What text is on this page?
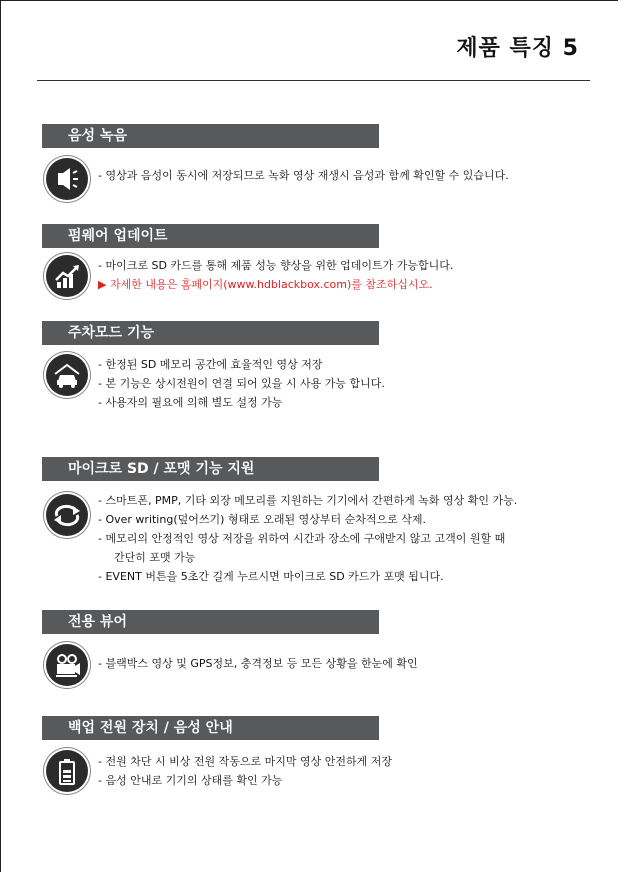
제품 특징 5
음성 녹음
- 영상과 음성이 동시에 저장되므로 녹화 영상 재생시 음성과 함께 확인할 수 있습니다.
펌웨어 업데이트
- 마이크로 SD 카드를 통해 제품 성능 향상을 위한 업데이트가 가능합니다.
▶ 자세한 내용은 홈페이지(www.hdblackbox.com)를 참조하십시오.
주차모드 기능
- 한정된 SD 메모리 공간에 효율적인 영상 저장
- 본 기능은 상시전원이 연결 되어 있을 시 사용 가능 합니다.
- 사용자의 필요에 의해 별도 설정 가능
마이크로 SD / 포맷 기능 지원
- 스마트폰, PMP, 기타 외장 메모리를 지원하는 기기에서 간편하게 녹화 영상 확인 가능.
- Over writing(덮어쓰기) 형태로 오래된 영상부터 순차적으로 삭제.
- 메모리의 안정적인 영상 저장을 위하여 시간과 장소에 구애받지 않고 고객이 원할 때
간단히 포맷 가능
- EVENT 버튼을 5초간 길게 누르시면 마이크로 SD 카드가 포맷 됩니다.
전용 뷰어
- 블랙박스 영상 및 GPS정보, 충격정보 등 모든 상황을 한눈에 확인
백업 전원 장치 / 음성 안내
- 전원 차단 시 비상 전원 작동으로 마지막 영상 안전하게 저장
- 음성 안내로 기기의 상태를 확인 가능
